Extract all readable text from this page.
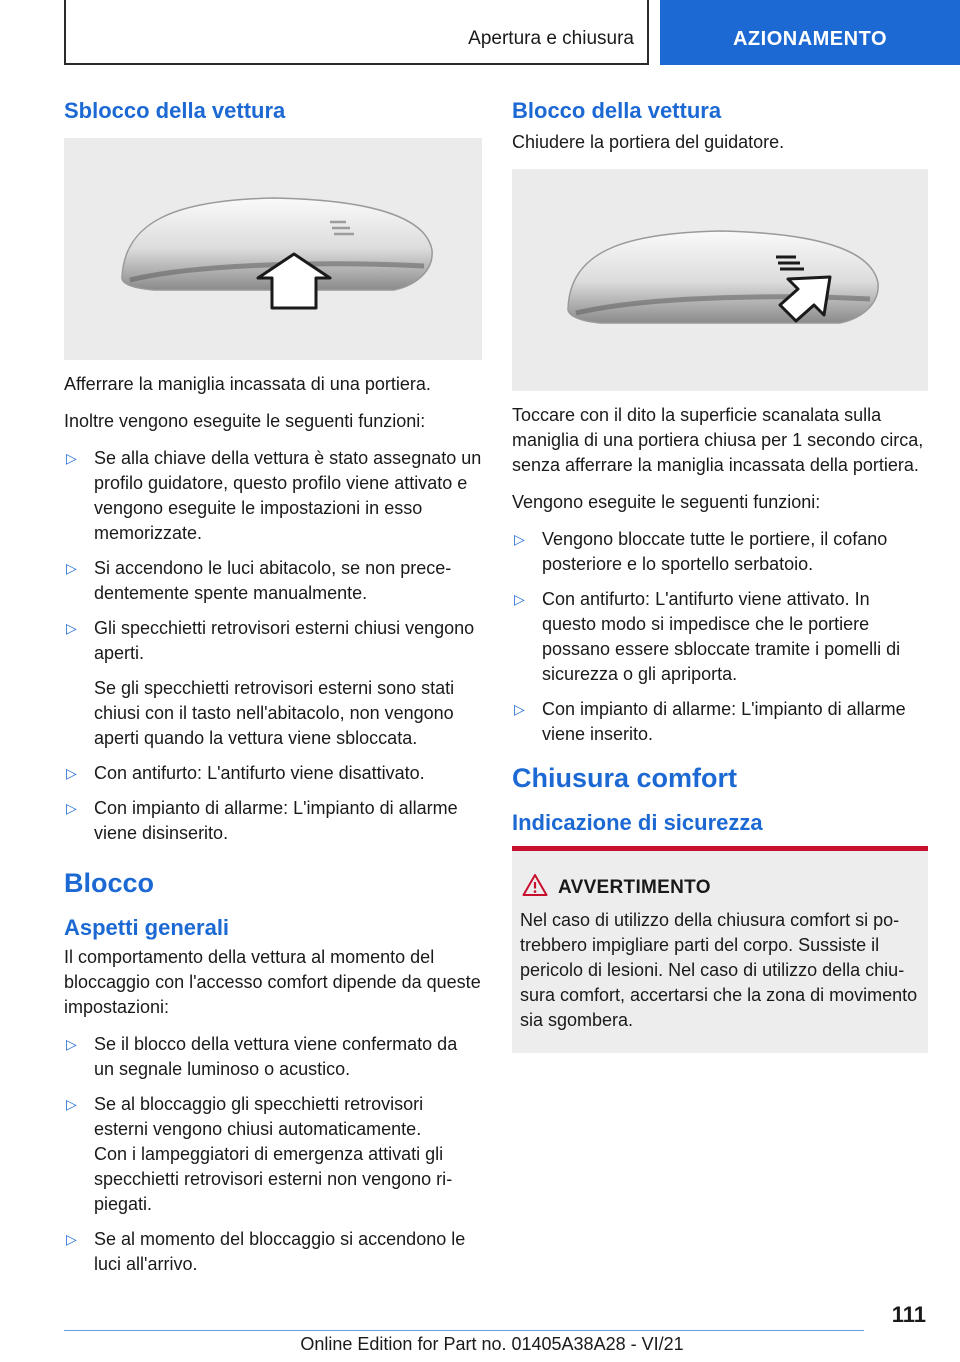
Apertura e chiusura	AZIONAMENTO
Sblocco della vettura

Afferrare la maniglia incassata di una portiera.

Inoltre vengono eseguite le seguenti funzioni:

▷ Se alla chiave della vettura è stato assegnato un profilo guidatore, questo profilo viene attivato e vengono eseguite le impostazioni in esso memorizzate.
▷ Si accendono le luci abitacolo, se non precedentemente spente manualmente.
▷ Gli specchietti retrovisori esterni chiusi vengono aperti.
Se gli specchietti retrovisori esterni sono stati chiusi con il tasto nell'abitacolo, non vengono aperti quando la vettura viene sbloccata.
▷ Con antifurto: L'antifurto viene disattivato.
▷ Con impianto di allarme: L'impianto di allarme viene disinserito.
Blocco
Aspetti generali

Il comportamento della vettura al momento del bloccaggio con l'accesso comfort dipende da queste impostazioni:

▷ Se il blocco della vettura viene confermato da un segnale luminoso o acustico.
▷ Se al bloccaggio gli specchietti retrovisori esterni vengono chiusi automaticamente.
Con i lampeggiatori di emergenza attivati gli specchietti retrovisori esterni non vengono ripiegati.
▷ Se al momento del bloccaggio si accendono le luci all'arrivo.
Blocco della vettura

Chiudere la portiera del guidatore.

Toccare con il dito la superficie scanalata sulla maniglia di una portiera chiusa per 1 secondo circa, senza afferrare la maniglia incassata della portiera.

Vengono eseguite le seguenti funzioni:

▷ Vengono bloccate tutte le portiere, il cofano posteriore e lo sportello serbatoio.
▷ Con antifurto: L'antifurto viene attivato. In questo modo si impedisce che le portiere possano essere sbloccate tramite i pomelli di sicurezza o gli apriporta.
▷ Con impianto di allarme: L'impianto di allarme viene inserito.
Chiusura comfort
Indicazione di sicurezza
AVVERTIMENTO

Nel caso di utilizzo della chiusura comfort si potrebbero impigliare parti del corpo. Sussiste il pericolo di lesioni. Nel caso di utilizzo della chiusura comfort, accertarsi che la zona di movimento sia sgombera.

111
Online Edition for Part no. 01405A38A28 - VI/21
